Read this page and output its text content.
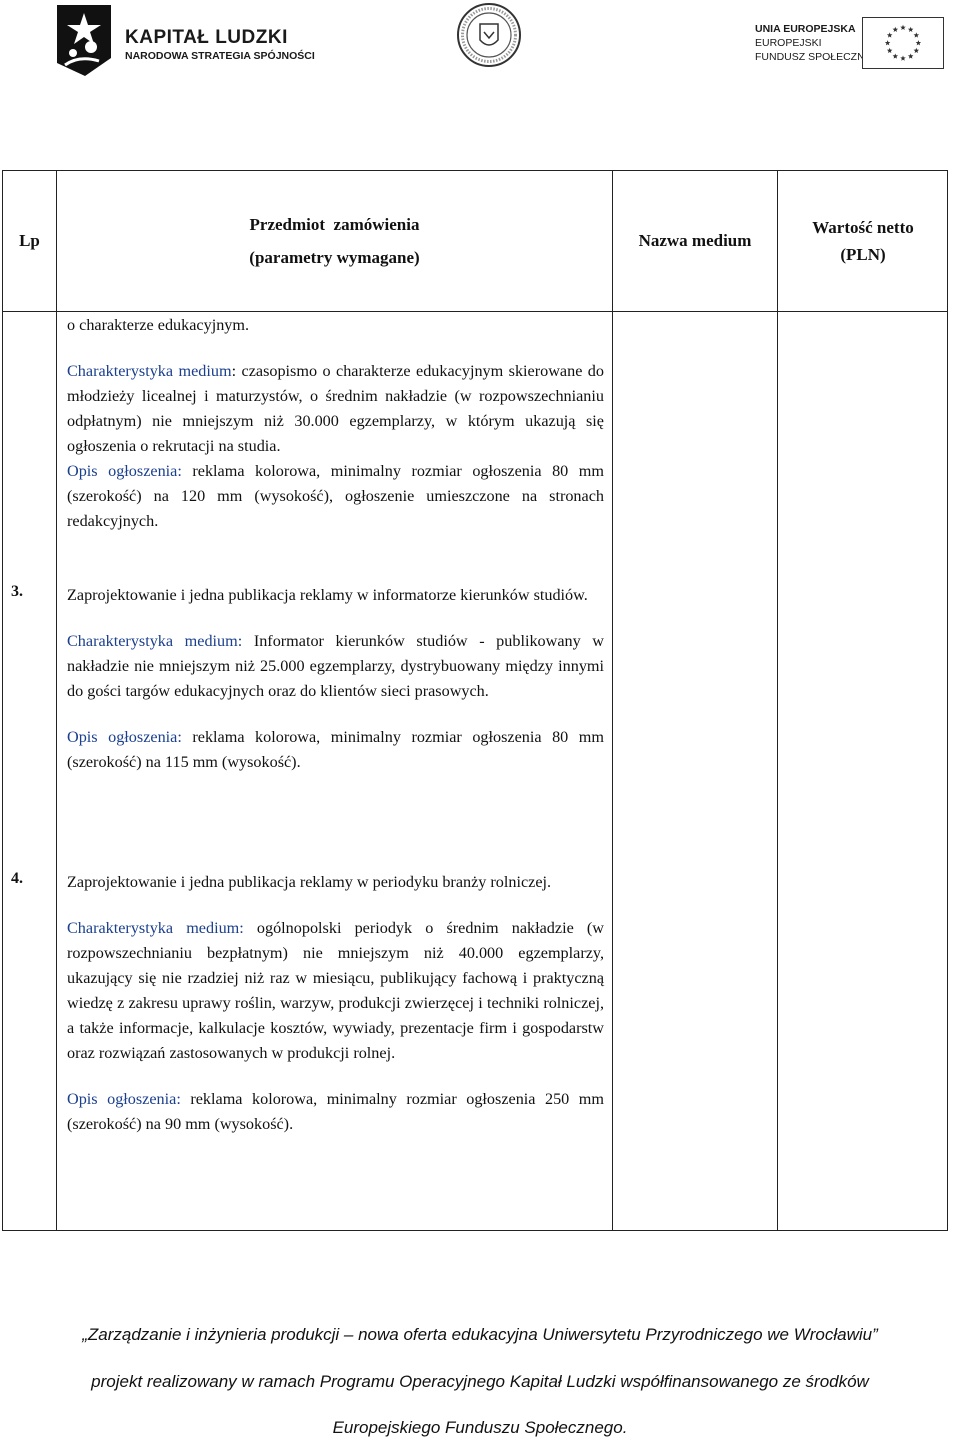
KAPITAŁ LUDZKI
NARODOWA STRATEGIA SPÓJNOŚCI
UNIA EUROPEJSKA
EUROPEJSKI
FUNDUSZ SPOŁECZNY
Lp
Przedmiot  zamówienia
(parametry wymagane)
Nazwa medium
Wartość netto (PLN)

o charakterze edukacyjnym.

Charakterystyka medium: czasopismo o charakterze edukacyjnym skierowane do młodzieży licealnej i maturzystów, o średnim nakładzie (w rozpowszechnianiu odpłatnym) nie mniejszym niż 30.000 egzemplarzy, w którym ukazują się ogłoszenia o rekrutacji na studia.

Opis ogłoszenia: reklama kolorowa, minimalny rozmiar ogłoszenia 80 mm (szerokość) na 120 mm (wysokość), ogłoszenie umieszczone na stronach redakcyjnych.

3.	Zaprojektowanie i jedna publikacja reklamy w informatorze kierunków studiów.

Charakterystyka medium: Informator kierunków studiów - publikowany w nakładzie nie mniejszym niż 25.000 egzemplarzy, dystrybuowany między innymi do gości targów edukacyjnych oraz do klientów sieci prasowych.

Opis ogłoszenia: reklama kolorowa, minimalny rozmiar ogłoszenia 80 mm (szerokość) na 115 mm (wysokość).

4.	Zaprojektowanie i jedna publikacja reklamy w periodyku branży rolniczej.

Charakterystyka medium: ogólnopolski periodyk o średnim nakładzie (w rozpowszechnianiu bezpłatnym) nie mniejszym niż 40.000 egzemplarzy, ukazujący się nie rzadziej niż raz w miesiącu, publikujący fachową i praktyczną wiedzę z zakresu uprawy roślin, warzyw, produkcji zwierzęcej i techniki rolniczej, a także informacje, kalkulacje kosztów, wywiady, prezentacje firm i gospodarstw oraz rozwiązań zastosowanych w produkcji rolnej.

Opis ogłoszenia: reklama kolorowa, minimalny rozmiar ogłoszenia 250 mm (szerokość) na 90 mm (wysokość).

„Zarządzanie i inżynieria produkcji – nowa oferta edukacyjna Uniwersytetu Przyrodniczego we Wrocławiu”
projekt realizowany w ramach Programu Operacyjnego Kapitał Ludzki współfinansowanego ze środków
Europejskiego Funduszu Społecznego.
